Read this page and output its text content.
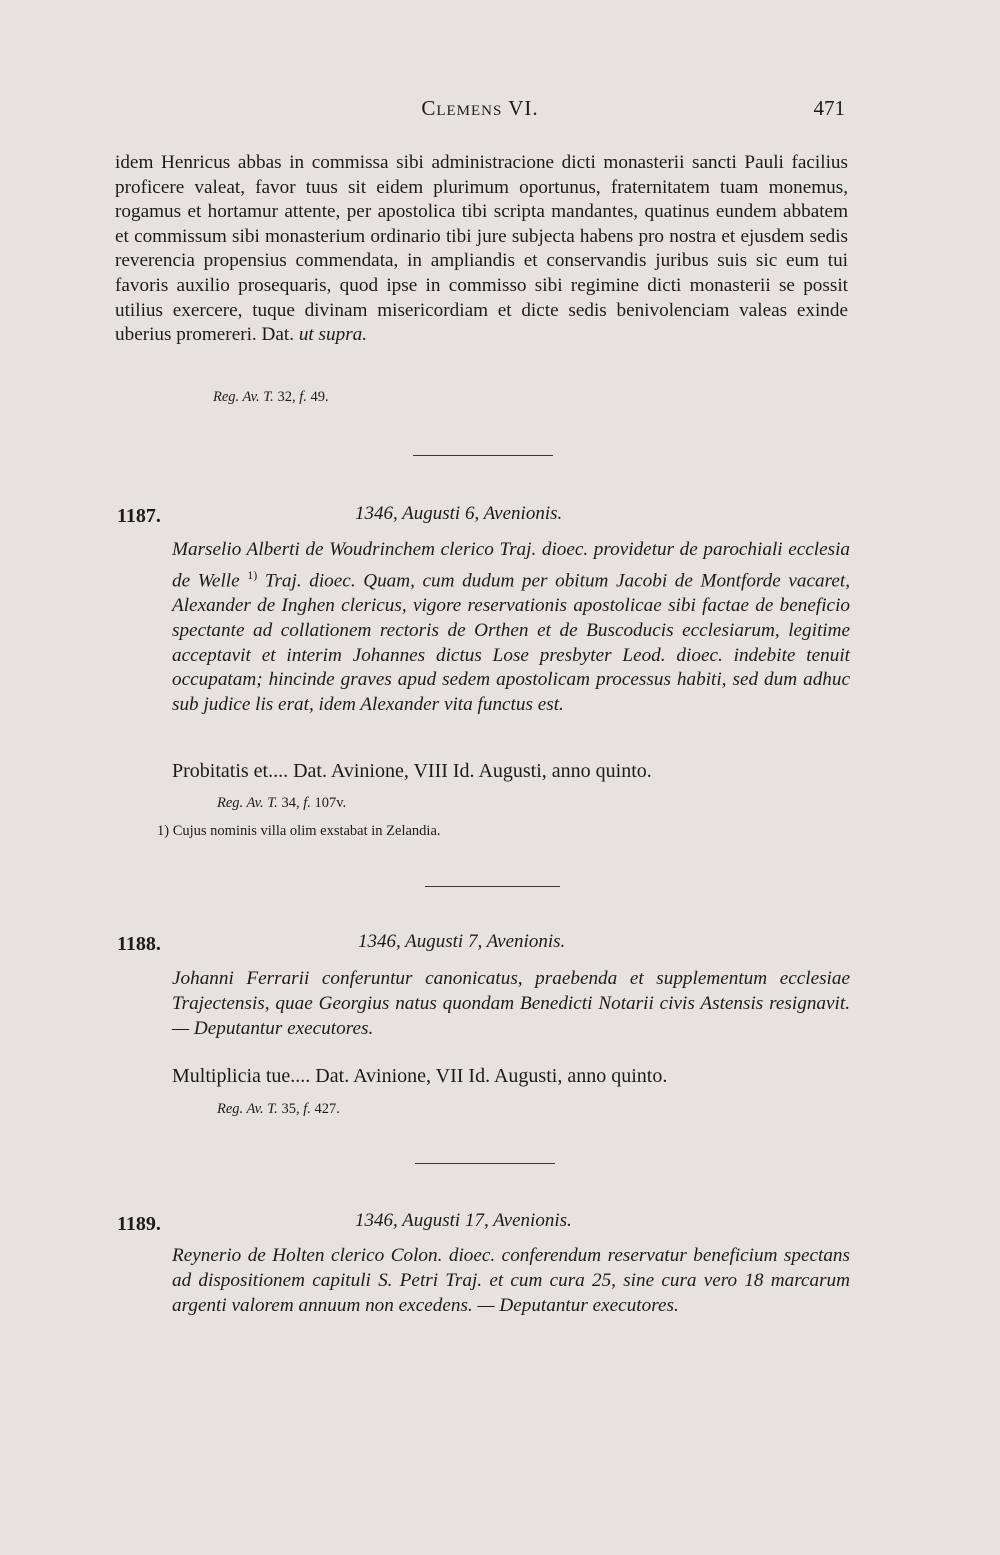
Clemens VI.	471

idem Henricus abbas in commissa sibi administracione dicti monasterii sancti Pauli facilius proficere valeat, favor tuus sit eidem plurimum oportunus, fraternitatem tuam monemus, rogamus et hortamur attente, per apostolica tibi scripta mandantes, quatinus eundem abbatem et commissum sibi monasterium ordinario tibi jure subjecta habens pro nostra et ejusdem sedis reverencia propensius commendata, in ampliandis et conservandis juribus suis sic eum tui favoris auxilio prosequaris, quod ipse in commisso sibi regimine dicti monasterii se possit utilius exercere, tuque divinam misericordiam et dicte sedis benivolenciam valeas exinde uberius promereri. Dat. ut supra.

Reg. Av. T. 32, f. 49.

1187.	1346, Augusti 6, Avenionis.

Marselio Alberti de Woudrinchem clerico Traj. dioec. providetur de parochiali ecclesia de Welle $^{1)}$ Traj. dioec. Quam, cum dudum per obitum Jacobi de Montforde vacaret, Alexander de Inghen clericus, vigore reservationis apostolicae sibi factae de beneficio spectante ad collationem rectoris de Orthen et de Buscoducis ecclesiarum, legitime acceptavit et interim Johannes dictus Lose presbyter Leod. dioec. indebite tenuit occupatam; hincinde graves apud sedem apostolicam processus habiti, sed dum adhuc sub judice lis erat, idem Alexander vita functus est.

Probitatis et.... Dat. Avinione, VIII Id. Augusti, anno quinto.

Reg. Av. T. 34, f. 107v.

1) Cujus nominis villa olim exstabat in Zelandia.

1188.	1346, Augusti 7, Avenionis.

Johanni Ferrarii conferuntur canonicatus, praebenda et supplementum ecclesiae Trajectensis, quae Georgius natus quondam Benedicti Notarii civis Astensis resignavit. — Deputantur executores.

Multiplicia tue.... Dat. Avinione, VII Id. Augusti, anno quinto.

Reg. Av. T. 35, f. 427.

1189.	1346, Augusti 17, Avenionis.

Reynerio de Holten clerico Colon. dioec. conferendum reservatur beneficium spectans ad dispositionem capituli S. Petri Traj. et cum cura 25, sine cura vero 18 marcarum argenti valorem annuum non excedens. — Deputantur executores.
